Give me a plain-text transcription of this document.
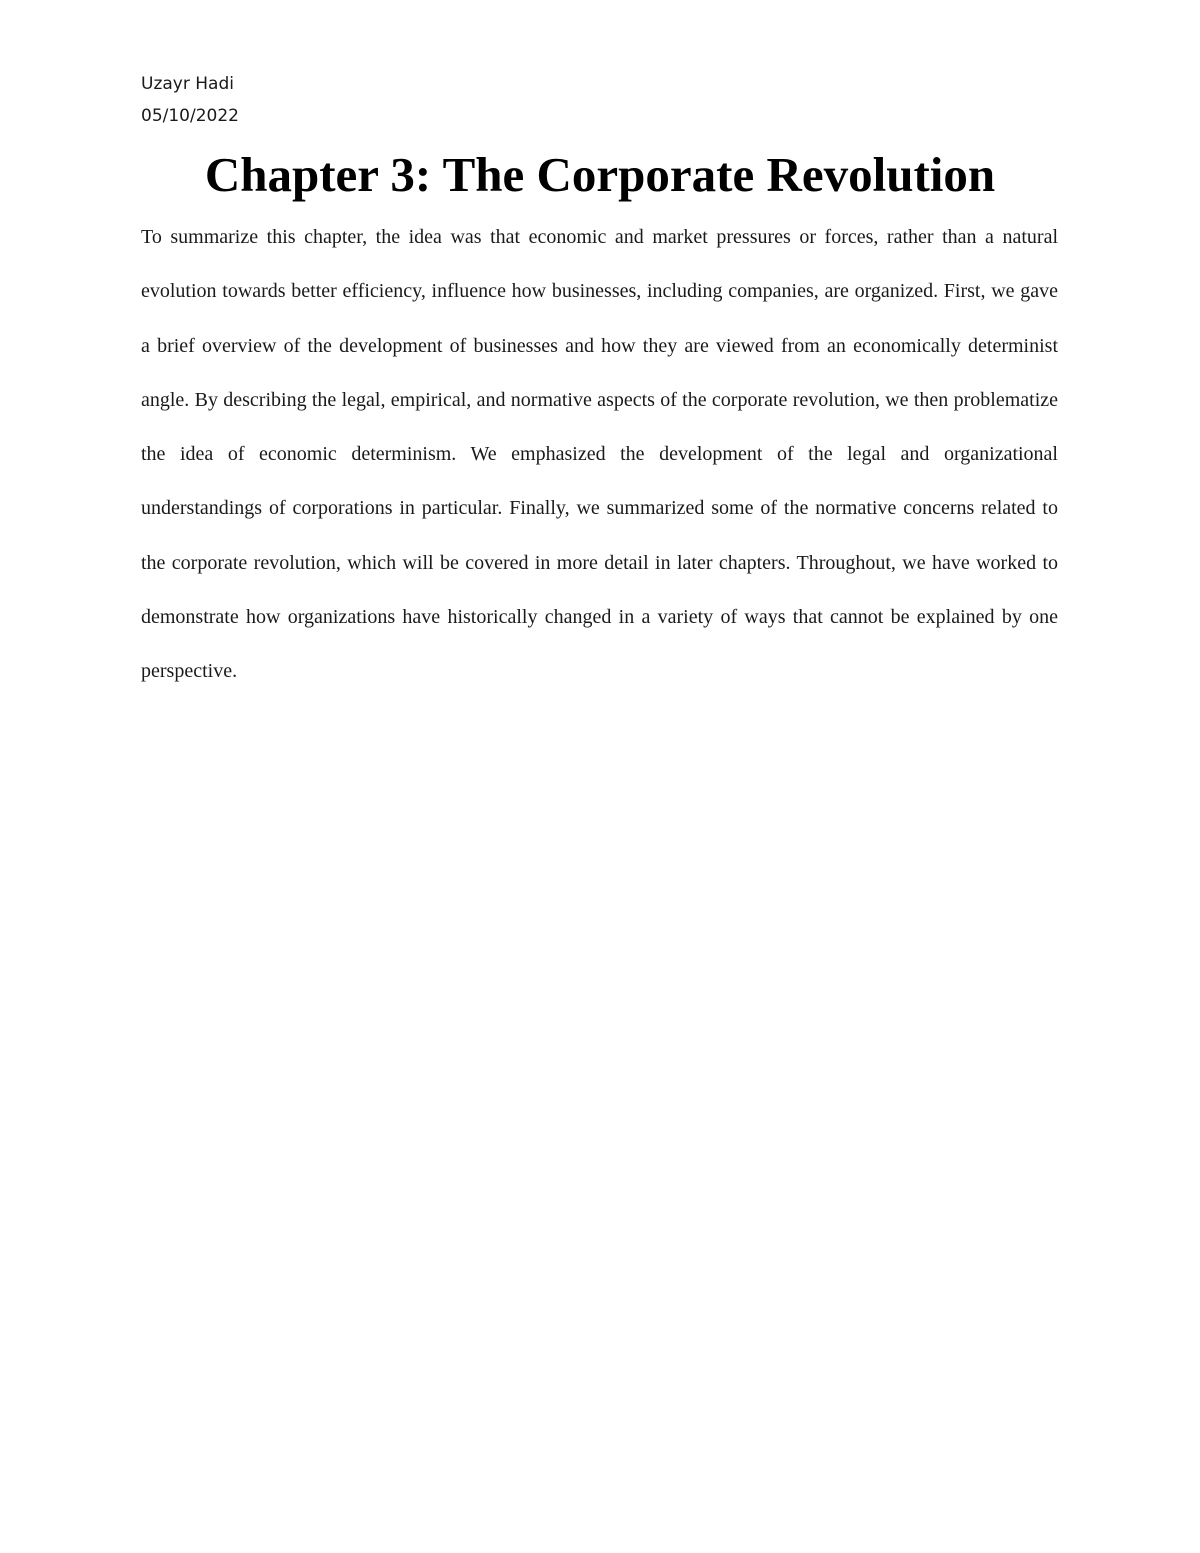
Uzayr Hadi
05/10/2022
Chapter 3: The Corporate Revolution

To summarize this chapter, the idea was that economic and market pressures or forces, rather than a natural evolution towards better efficiency, influence how businesses, including companies, are organized. First, we gave a brief overview of the development of businesses and how they are viewed from an economically determinist angle. By describing the legal, empirical, and normative aspects of the corporate revolution, we then problematize the idea of economic determinism. We emphasized the development of the legal and organizational understandings of corporations in particular. Finally, we summarized some of the normative concerns related to the corporate revolution, which will be covered in more detail in later chapters. Throughout, we have worked to demonstrate how organizations have historically changed in a variety of ways that cannot be explained by one perspective.
